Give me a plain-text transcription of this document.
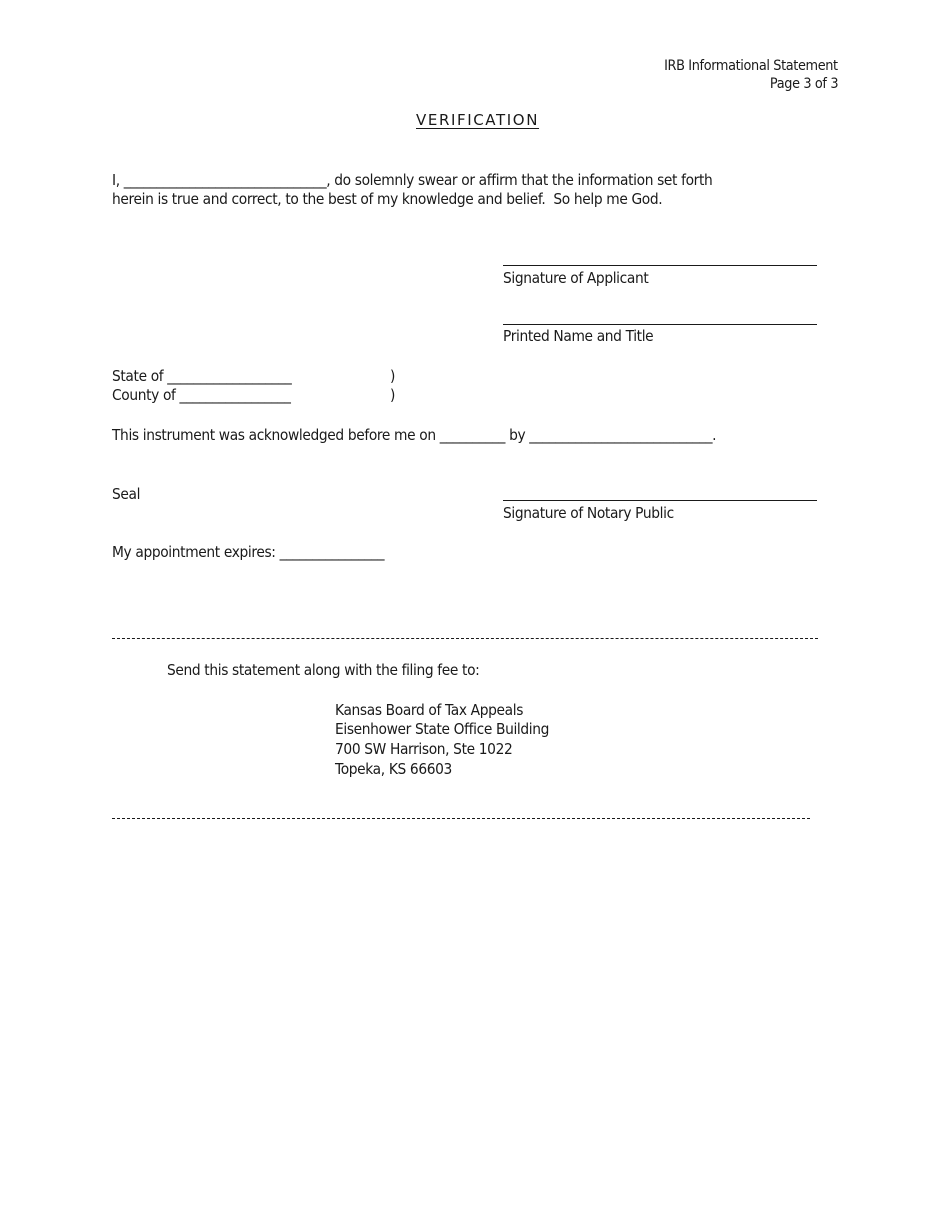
IRB Informational Statement
Page 3 of 3
VERIFICATION
I, _______________________________, do solemnly swear or affirm that the information set forth
herein is true and correct, to the best of my knowledge and belief.  So help me God.
Signature of Applicant
Printed Name and Title
State of ___________________	)
County of _________________	)
This instrument was acknowledged before me on __________ by ____________________________.
Seal
Signature of Notary Public
My appointment expires: ________________
Send this statement along with the filing fee to:
Kansas Board of Tax Appeals
Eisenhower State Office Building
700 SW Harrison, Ste 1022
Topeka, KS 66603
